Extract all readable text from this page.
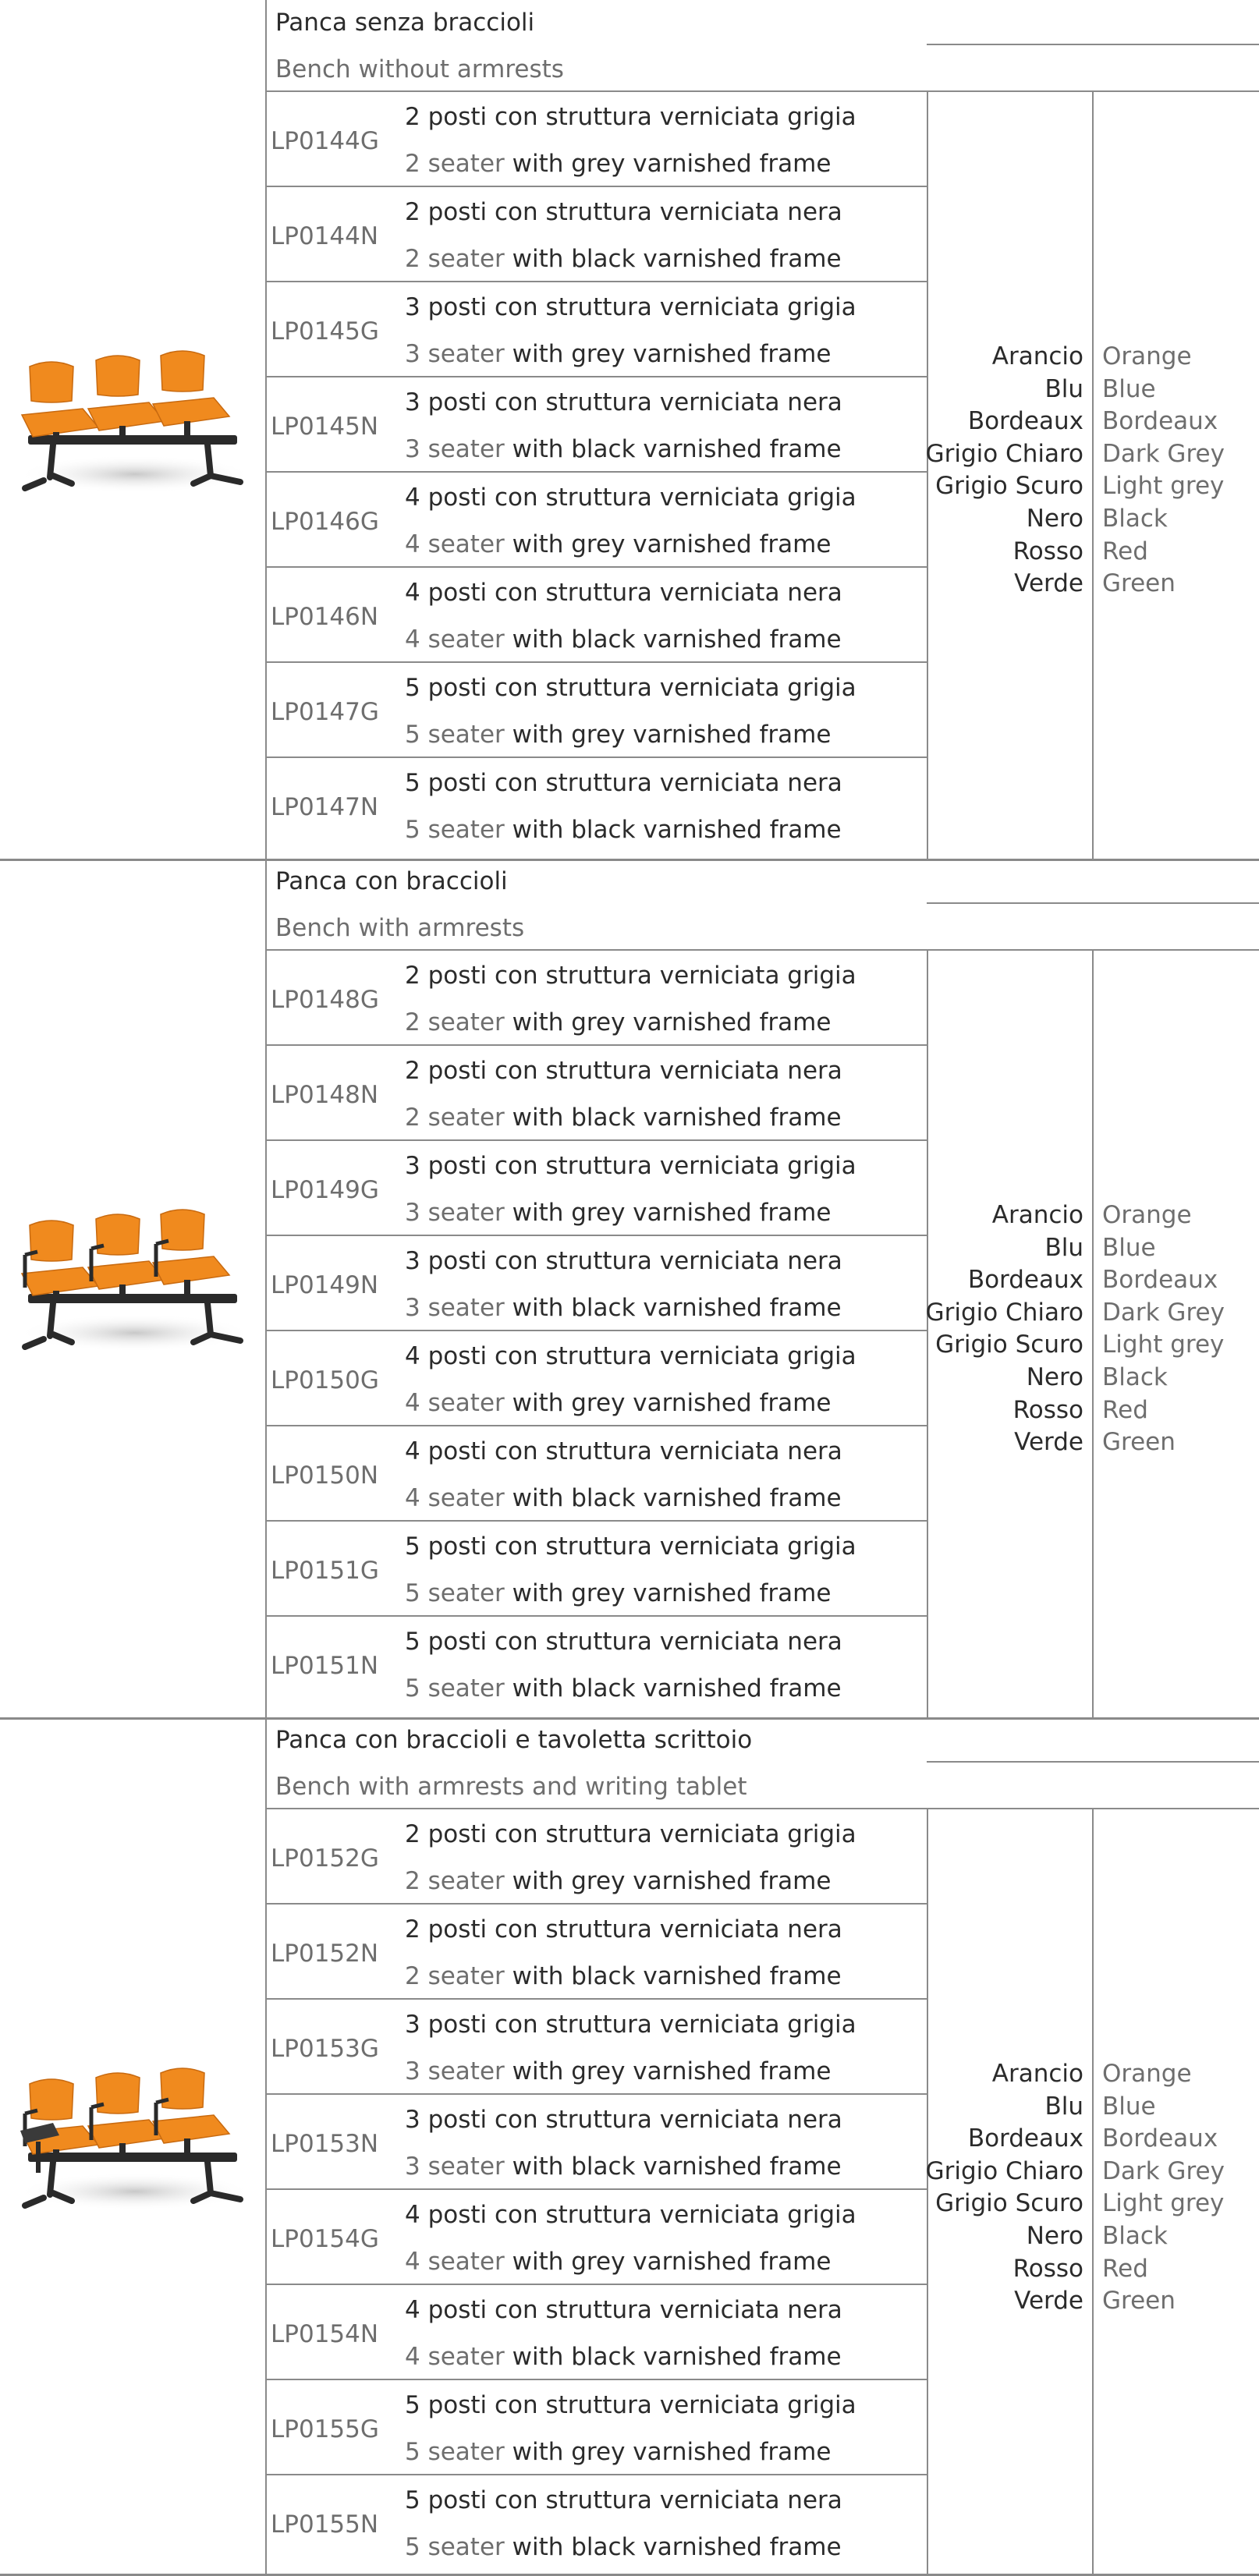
Panca senza braccioli
Bench without armrests
LP0144G
2 posti con struttura verniciata grigia
2 seater with grey varnished frame
LP0144N
2 posti con struttura verniciata nera
2 seater with black varnished frame
LP0145G
3 posti con struttura verniciata grigia
3 seater with grey varnished frame
LP0145N
3 posti con struttura verniciata nera
3 seater with black varnished frame
LP0146G
4 posti con struttura verniciata grigia
4 seater with grey varnished frame
LP0146N
4 posti con struttura verniciata nera
4 seater with black varnished frame
LP0147G
5 posti con struttura verniciata grigia
5 seater with grey varnished frame
LP0147N
5 posti con struttura verniciata nera
5 seater with black varnished frame
Arancio
Blu
Bordeaux
Grigio Chiaro
Grigio Scuro
Nero
Rosso
Verde
Orange
Blue
Bordeaux
Dark Grey
Light grey
Black
Red
Green
Panca con braccioli
Bench with armrests
LP0148G
2 posti con struttura verniciata grigia
2 seater with grey varnished frame
LP0148N
2 posti con struttura verniciata nera
2 seater with black varnished frame
LP0149G
3 posti con struttura verniciata grigia
3 seater with grey varnished frame
LP0149N
3 posti con struttura verniciata nera
3 seater with black varnished frame
LP0150G
4 posti con struttura verniciata grigia
4 seater with grey varnished frame
LP0150N
4 posti con struttura verniciata nera
4 seater with black varnished frame
LP0151G
5 posti con struttura verniciata grigia
5 seater with grey varnished frame
LP0151N
5 posti con struttura verniciata nera
5 seater with black varnished frame
Arancio
Blu
Bordeaux
Grigio Chiaro
Grigio Scuro
Nero
Rosso
Verde
Orange
Blue
Bordeaux
Dark Grey
Light grey
Black
Red
Green
Panca con braccioli e tavoletta scrittoio
Bench with armrests and writing tablet
LP0152G
2 posti con struttura verniciata grigia
2 seater with grey varnished frame
LP0152N
2 posti con struttura verniciata nera
2 seater with black varnished frame
LP0153G
3 posti con struttura verniciata grigia
3 seater with grey varnished frame
LP0153N
3 posti con struttura verniciata nera
3 seater with black varnished frame
LP0154G
4 posti con struttura verniciata grigia
4 seater with grey varnished frame
LP0154N
4 posti con struttura verniciata nera
4 seater with black varnished frame
LP0155G
5 posti con struttura verniciata grigia
5 seater with grey varnished frame
LP0155N
5 posti con struttura verniciata nera
5 seater with black varnished frame
Arancio
Blu
Bordeaux
Grigio Chiaro
Grigio Scuro
Nero
Rosso
Verde
Orange
Blue
Bordeaux
Dark Grey
Light grey
Black
Red
Green
